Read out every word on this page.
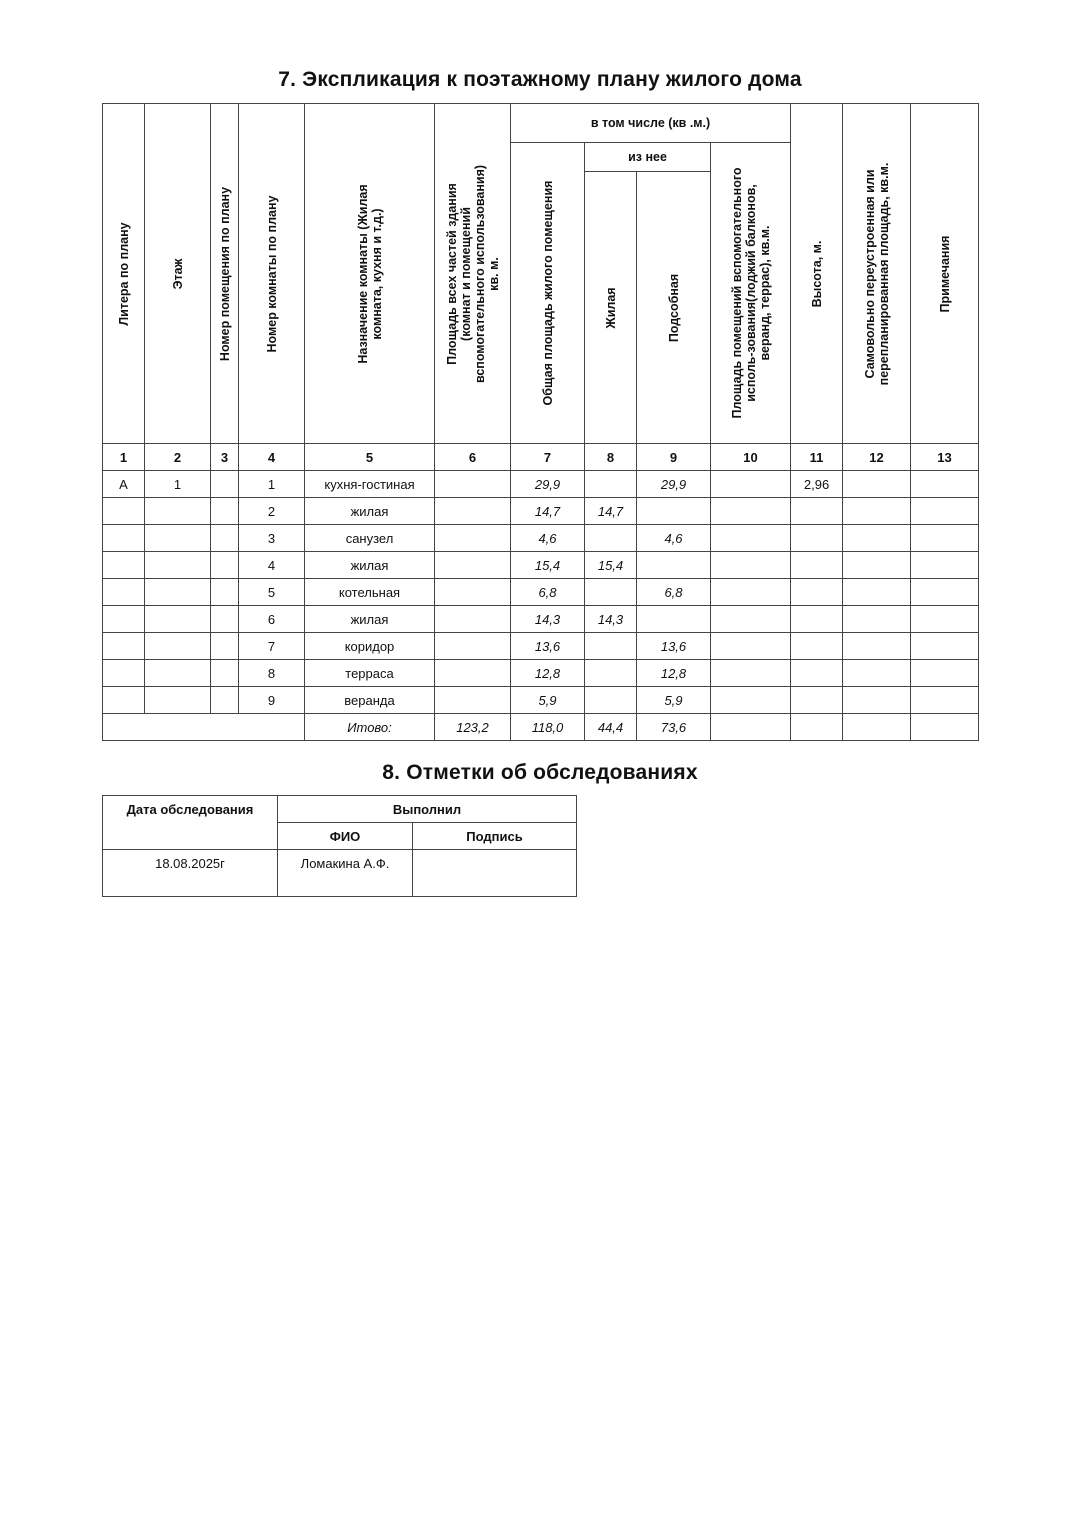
7. Экспликация к поэтажному плану жилого дома
Литера по плану	Этаж	Номер помещения по плану	Номер комнаты по плану	Назначение комнаты (Жилая комната, кухня и т.д.)	Площадь всех частей здания (комнат и помещений вспомогательного использования) кв. м.	в том числе (кв .м.)				Высота, м.	Самовольно переустроенная или перепланированная площадь, кв.м.	Примечания

						Общая площадь жилого помещения	из нее		Площадь помещений вспомогательного исполь-зования(лоджий балконов, веранд, террас), кв.м.			

							Жилая	Подсобная				

1	2	3	4	5	6	7	8	9	10	11	12	13
А	1		1	кухня-гостиная		29,9		29,9		2,96		
			2	жилая		14,7	14,7					
			3	санузел		4,6		4,6				
			4	жилая		15,4	15,4					
			5	котельная		6,8		6,8				
			6	жилая		14,3	14,3					
			7	коридор		13,6		13,6				
			8	терраса		12,8		12,8				
			9	веранда		5,9		5,9				
				Итово:	123,2	118,0	44,4	73,6				
8. Отметки об обследованиях
Дата обследования	Выполнил	
	ФИО	Подпись
18.08.2025г	Ломакина А.Ф.	
